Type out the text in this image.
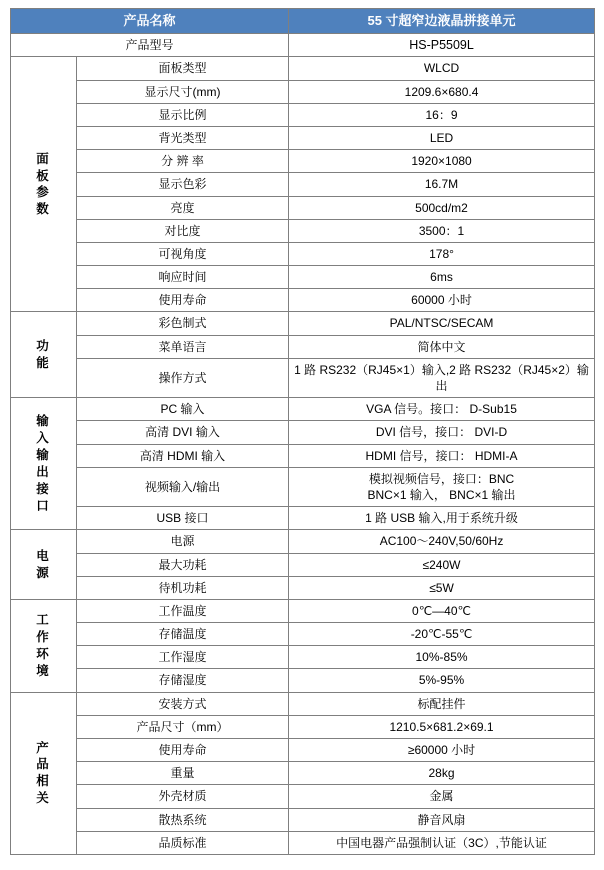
产品名称		55 寸超窄边液晶拼接单元
产品型号		HS-P5509L

面
板
参
数	面板类型	WLCD
	显示尺寸(mm)	1209.6×680.4
	显示比例	16：9
	背光类型	LED
	分 辨 率	1920×1080
	显示色彩	16.7M
	亮度	500cd/m2
	对比度	3500：1
	可视角度	178°
	响应时间	6ms
	使用寿命	60000 小时

功
能	彩色制式	PAL/NTSC/SECAM
	菜单语言	简体中文
	操作方式	1 路 RS232（RJ45×1）输入,2 路 RS232（RJ45×2）输出

输
入
输
出
接
口
	PC 输入	VGA 信号。接口： D-Sub15
	高清 DVI 输入	DVI 信号，接口： DVI-D
	高清 HDMI 输入	HDMI 信号，接口： HDMI-A
	视频输入/输出	模拟视频信号，接口：BNC
BNC×1 输入， BNC×1 输出
	USB 接口	1 路 USB 输入,用于系统升级

电
源	电源	AC100～240V,50/60Hz
	最大功耗	≤240W
	待机功耗	≤5W

工
作
环
境	工作温度	0℃—40℃
	存储温度	-20℃-55℃
	工作湿度	10%-85%
	存储湿度	5%-95%

产
品
相
关	安装方式	标配挂件
	产品尺寸（mm）	1210.5×681.2×69.1
	使用寿命	≥60000 小时
	重量	28kg
	外壳材质	金属
	散热系统	静音风扇
	品质标准	中国电器产品强制认证（3C）,节能认证
